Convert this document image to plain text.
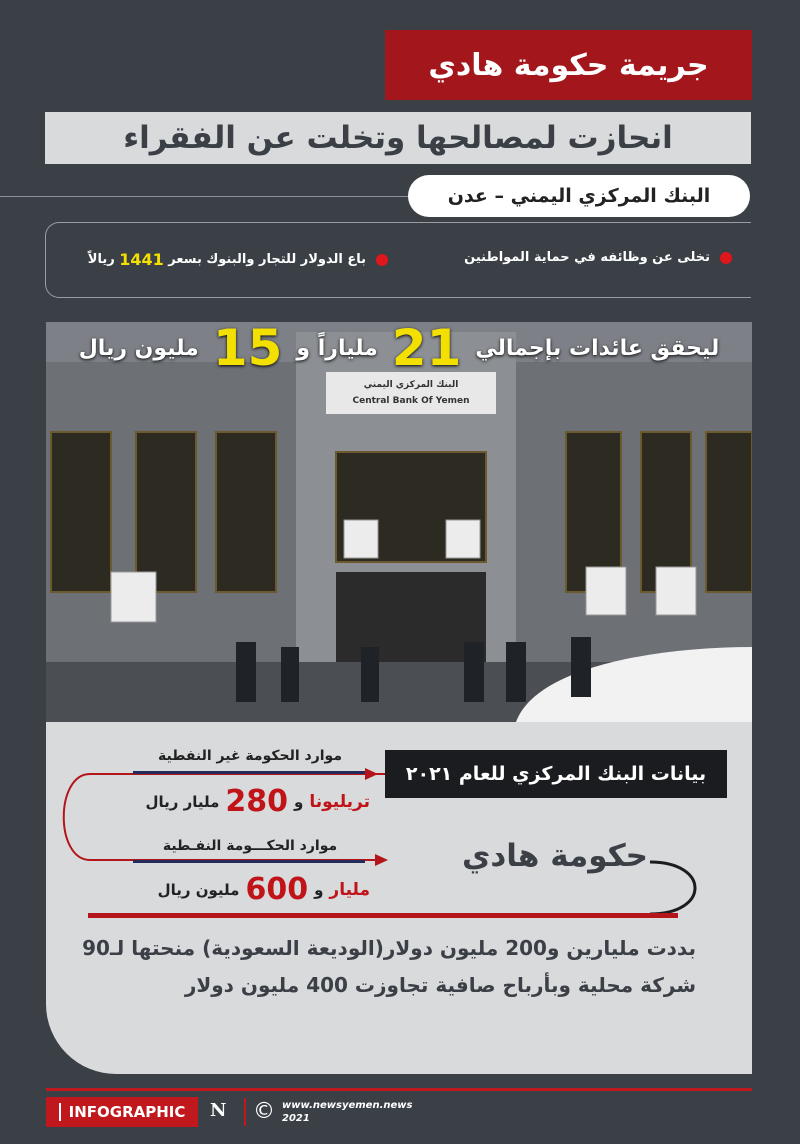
جريمة حكومة هادي
انحازت لمصالحها وتخلت عن الفقراء
البنك المركزي اليمني – عدن
تخلى عن وظائفه في حماية المواطنين
باع الدولار للتجار والبنوك بسعر

1441

ريالاً
البنك المركزي اليمني
Central Bank Of Yemen
ليحقق عائدات بإجمالي
21
ملياراً و
15
مليون ريال
بيانات البنك المركزي للعام ٢٠٢١
موارد الحكومة غير النفطية
تريليونا
و
280
مليار ريال
موارد الحكـــومة النفـطية
مليار
و
600
مليون ريال
حكومة هادي
بددت مليارين و200 مليون دولار(الوديعة السعودية) منحتها لـ90 شركة محلية وبأرباح صافية تجاوزت 400 مليون دولار
INFOGRAPHIC N	© www.newsyemen.news
2021
